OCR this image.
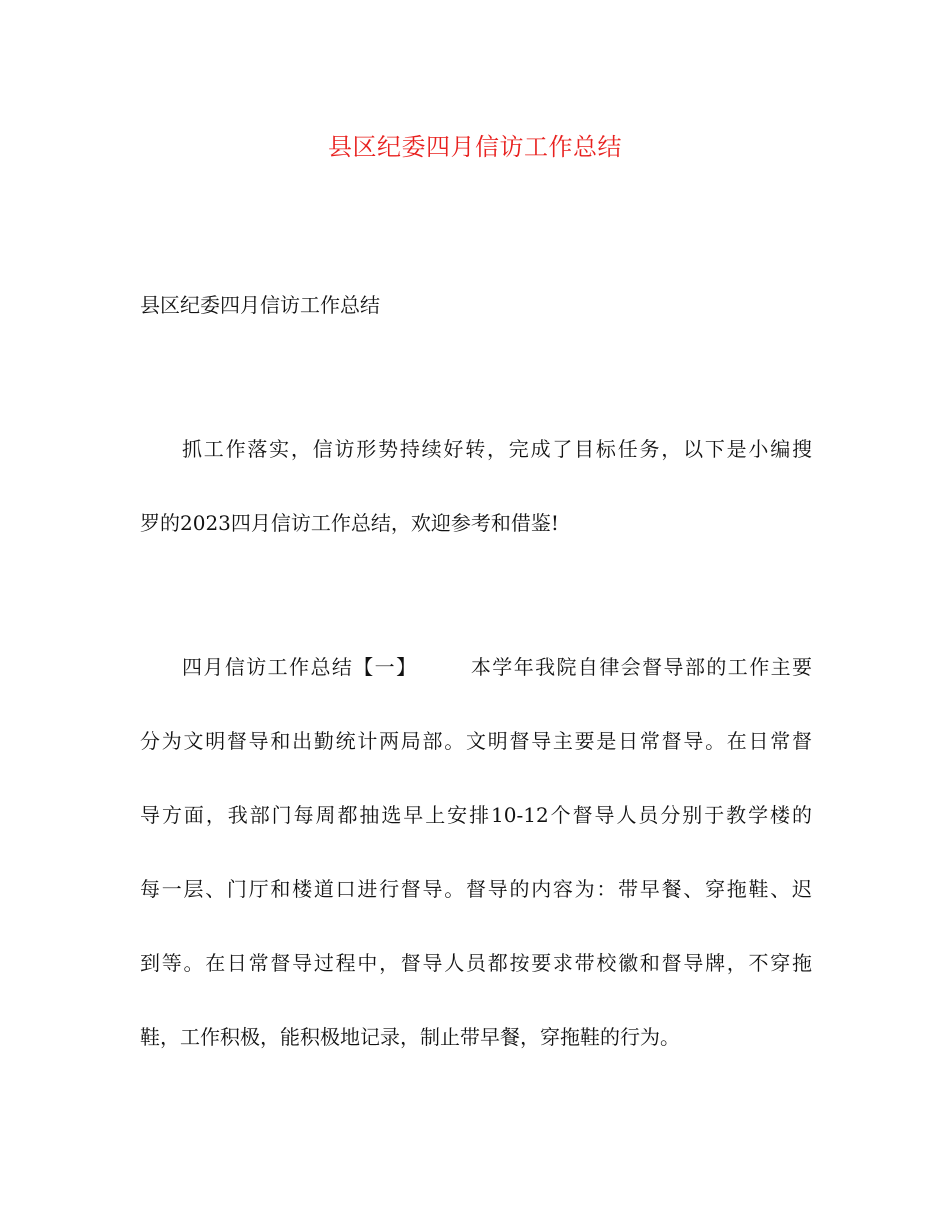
县区纪委四月信访工作总结
县区纪委四月信访工作总结
抓工作落实，信访形势持续好转，完成了目标任务，以下是小编搜
罗的2023四月信访工作总结，欢迎参考和借鉴!
四月信访工作总结【一】	本学年我院自律会督导部的工作主要
分为文明督导和出勤统计两局部。文明督导主要是日常督导。在日常督
导方面，我部门每周都抽选早上安排10-12个督导人员分别于教学楼的
每一层、门厅和楼道口进行督导。督导的内容为：带早餐、穿拖鞋、迟
到等。在日常督导过程中，督导人员都按要求带校徽和督导牌，不穿拖
鞋，工作积极，能积极地记录，制止带早餐，穿拖鞋的行为。
